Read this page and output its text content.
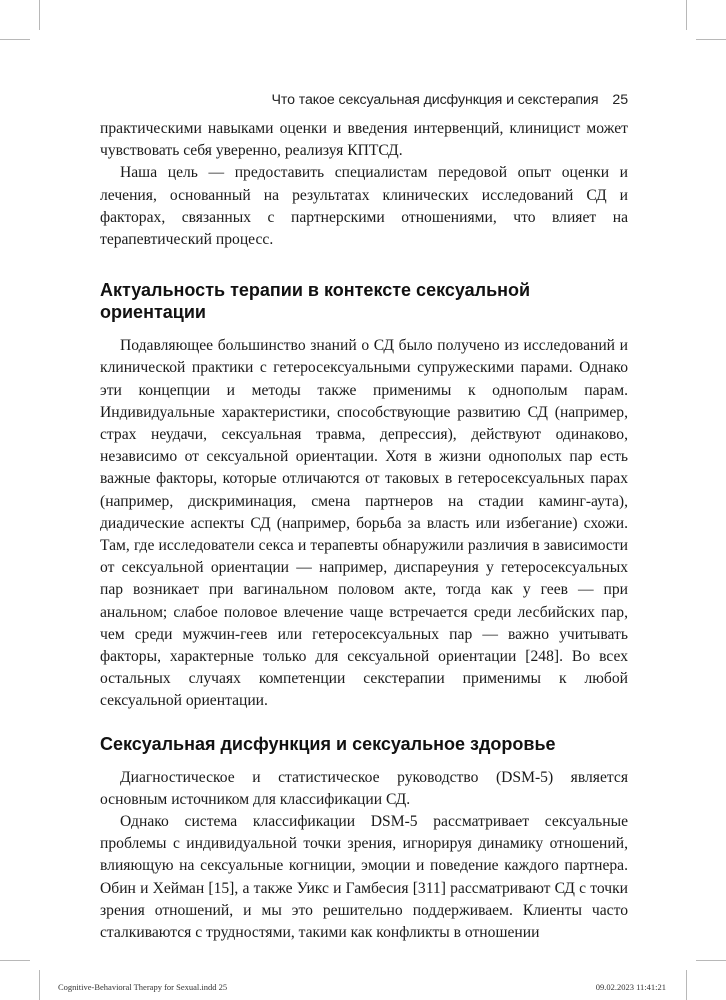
Что такое сексуальная дисфункция и секстерапия 25

практическими навыками оценки и введения интервенций, клиницист может чувствовать себя уверенно, реализуя КПТСД.

Наша цель — предоставить специалистам передовой опыт оценки и лечения, основанный на результатах клинических исследований СД и факторах, связанных с партнерскими отношениями, что влияет на терапевтический процесс.

Актуальность терапии в контексте сексуальной ориентации

Подавляющее большинство знаний о СД было получено из исследований и клинической практики с гетеросексуальными супружескими парами. Однако эти концепции и методы также применимы к однополым парам. Индивидуальные характеристики, способствующие развитию СД (например, страх неудачи, сексуальная травма, депрессия), действуют одинаково, независимо от сексуальной ориентации. Хотя в жизни однополых пар есть важные факторы, которые отличаются от таковых в гетеросексуальных парах (например, дискриминация, смена партнеров на стадии каминг-аута), диадические аспекты СД (например, борьба за власть или избегание) схожи. Там, где исследователи секса и терапевты обнаружили различия в зависимости от сексуальной ориентации — например, диспареуния у гетеросексуальных пар возникает при вагинальном половом акте, тогда как у геев — при анальном; слабое половое влечение чаще встречается среди лесбийских пар, чем среди мужчин-геев или гетеросексуальных пар — важно учитывать факторы, характерные только для сексуальной ориентации [248]. Во всех остальных случаях компетенции секстерапии применимы к любой сексуальной ориентации.

Сексуальная дисфункция и сексуальное здоровье

Диагностическое и статистическое руководство (DSM-5) является основным источником для классификации СД.

Однако система классификации DSM-5 рассматривает сексуальные проблемы с индивидуальной точки зрения, игнорируя динамику отношений, влияющую на сексуальные когниции, эмоции и поведение каждого партнера. Обин и Хейман [15], а также Уикс и Гамбесия [311] рассматривают СД с точки зрения отношений, и мы это решительно поддерживаем. Клиенты часто сталкиваются с трудностями, такими как конфликты в отношении

Cognitive-Behavioral Therapy for Sexual.indd 25	09.02.2023 11:41:21
